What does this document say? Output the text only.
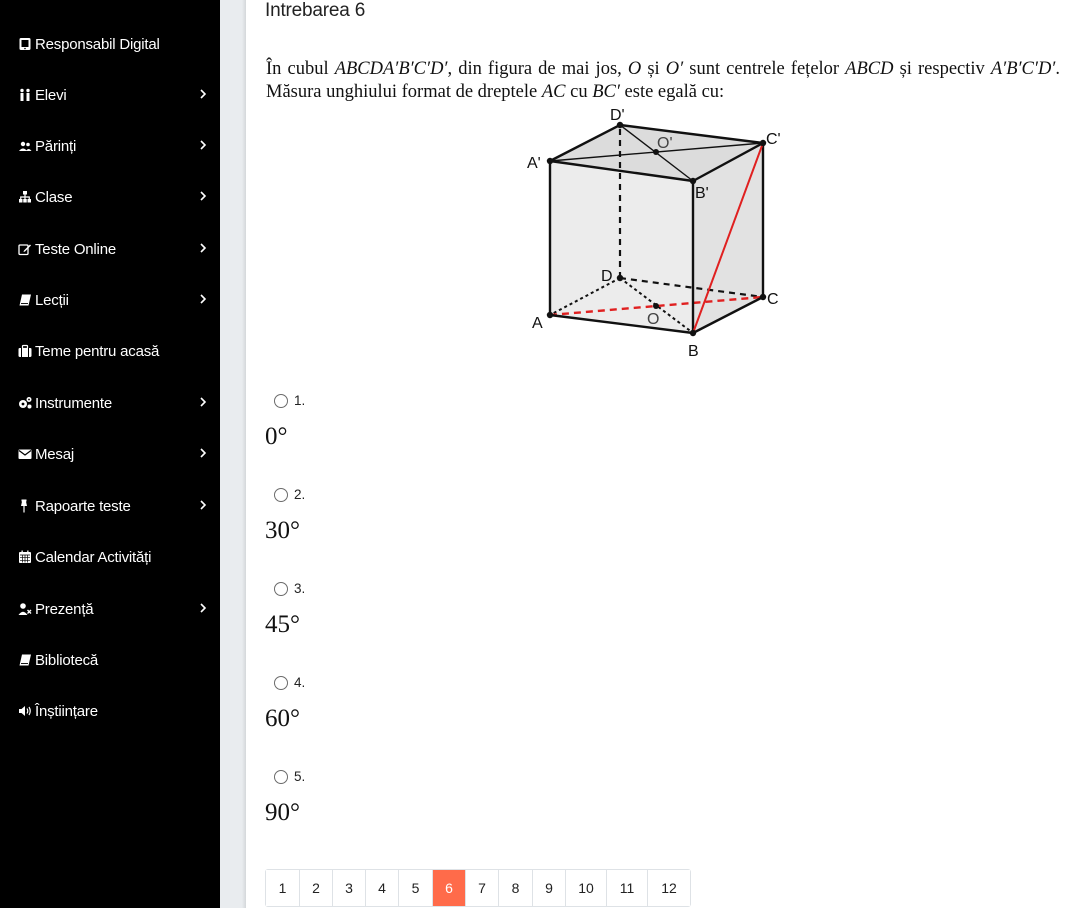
Responsabil Digital
Elevi
Părinți
Clase
Teste Online
Lecții
Teme pentru acasă
Instrumente
Mesaj
Rapoarte teste
Calendar Activități
Prezență
Bibliotecă
Înștiințare
Intrebarea 6
În cubul ABCDA′B′C′D′, din figura de mai jos, O și O′ sunt centrele fețelor ABCD și respectiv A′B′C′D′. Măsura unghiului format de dreptele AC cu BC′ este egală cu:
A
B
C
D
O
A'
B'
C'
D'
O'
1.
0°
2.
30°
3.
45°
4.
60°
5.
90°
1	2	3	4	5	6	7	8	9	10	11	12
